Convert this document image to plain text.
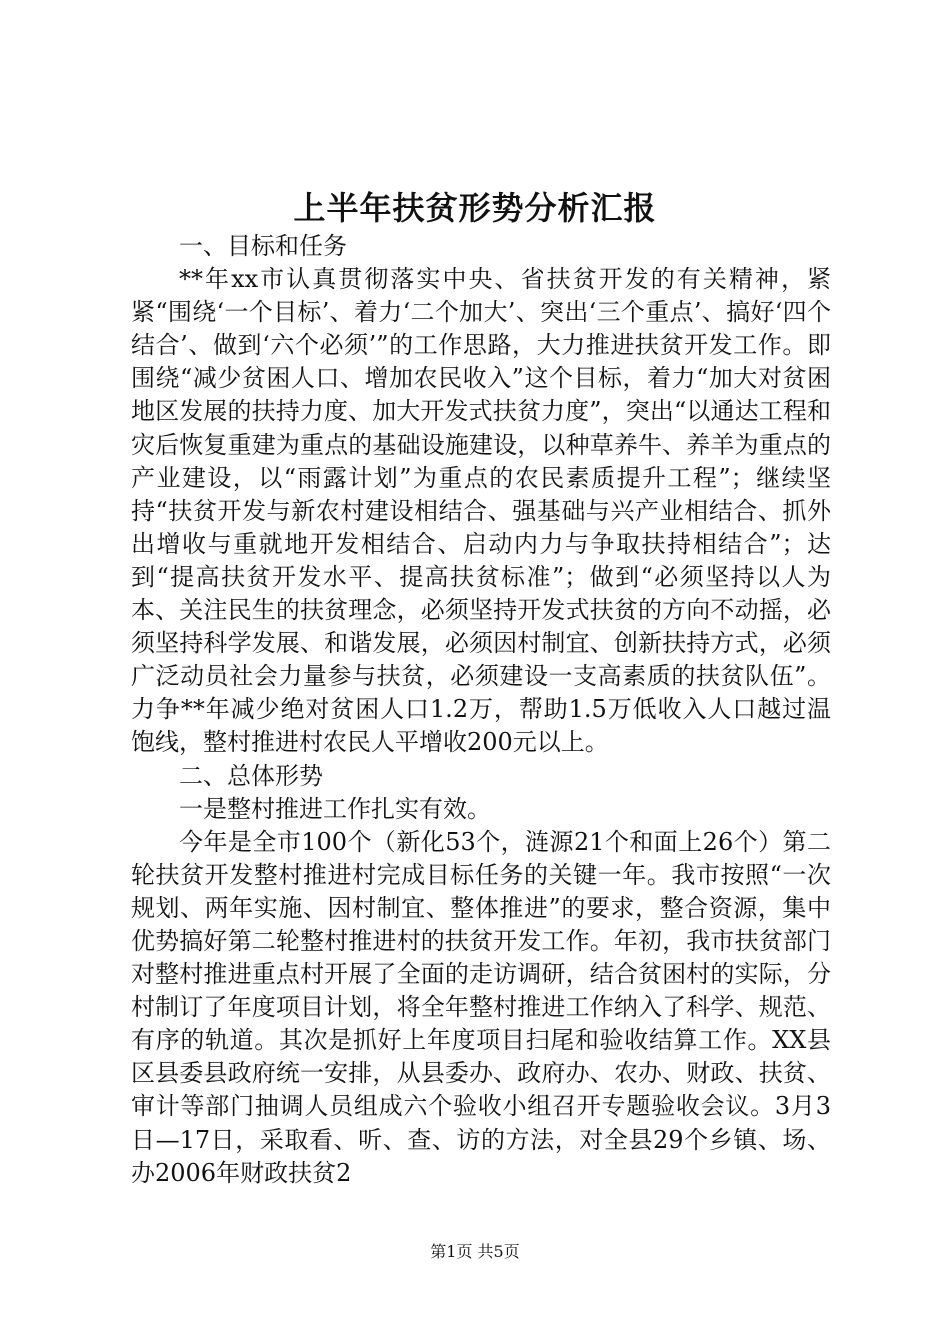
上半年扶贫形势分析汇报

一、目标和任务

**年xx市认真贯彻落实中央、省扶贫开发的有关精神，紧紧“围绕‘一个目标’、着力‘二个加大’、突出‘三个重点’、搞好‘四个结合’、做到‘六个必须’”的工作思路，大力推进扶贫开发工作。即围绕“减少贫困人口、增加农民收入”这个目标，着力“加大对贫困地区发展的扶持力度、加大开发式扶贫力度”，突出“以通达工程和灾后恢复重建为重点的基础设施建设，以种草养牛、养羊为重点的产业建设，以“雨露计划”为重点的农民素质提升工程”；继续坚持“扶贫开发与新农村建设相结合、强基础与兴产业相结合、抓外出增收与重就地开发相结合、启动内力与争取扶持相结合”；达到“提高扶贫开发水平、提高扶贫标准”；做到“必须坚持以人为本、关注民生的扶贫理念，必须坚持开发式扶贫的方向不动摇，必须坚持科学发展、和谐发展，必须因村制宜、创新扶持方式，必须广泛动员社会力量参与扶贫，必须建设一支高素质的扶贫队伍”。力争**年减少绝对贫困人口1.2万，帮助1.5万低收入人口越过温饱线，整村推进村农民人平增收200元以上。

二、总体形势

一是整村推进工作扎实有效。

今年是全市100个（新化53个，涟源21个和面上26个）第二轮扶贫开发整村推进村完成目标任务的关键一年。我市按照“一次规划、两年实施、因村制宜、整体推进”的要求，整合资源，集中优势搞好第二轮整村推进村的扶贫开发工作。年初，我市扶贫部门对整村推进重点村开展了全面的走访调研，结合贫困村的实际，分村制订了年度项目计划，将全年整村推进工作纳入了科学、规范、有序的轨道。其次是抓好上年度项目扫尾和验收结算工作。XX县区县委县政府统一安排，从县委办、政府办、农办、财政、扶贫、审计等部门抽调人员组成六个验收小组召开专题验收会议。3月3日—17日，采取看、听、查、访的方法，对全县29个乡镇、场、办2006年财政扶贫2

第1页 共5页
